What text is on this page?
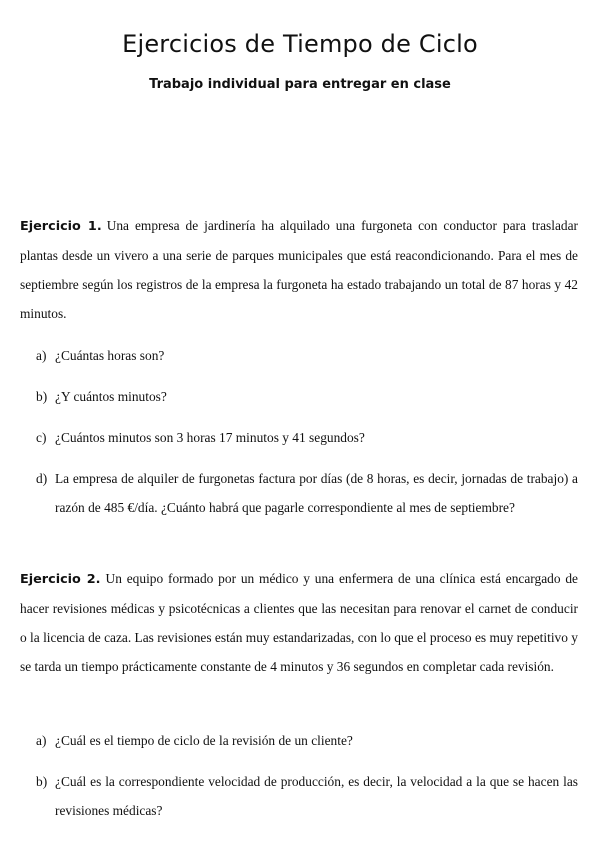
Ejercicios de Tiempo de Ciclo
Trabajo individual para entregar en clase
Ejercicio 1. Una empresa de jardinería ha alquilado una furgoneta con conductor para trasladar plantas desde un vivero a una serie de parques municipales que está reacondicionando. Para el mes de septiembre según los registros de la empresa la furgoneta ha estado trabajando un total de 87 horas y 42 minutos.
a) ¿Cuántas horas son?
b) ¿Y cuántos minutos?
c) ¿Cuántos minutos son 3 horas 17 minutos y 41 segundos?
d) La empresa de alquiler de furgonetas factura por días (de 8 horas, es decir, jornadas de trabajo) a razón de 485 €/día. ¿Cuánto habrá que pagarle correspondiente al mes de septiembre?
Ejercicio 2. Un equipo formado por un médico y una enfermera de una clínica está encargado de hacer revisiones médicas y psicotécnicas a clientes que las necesitan para renovar el carnet de conducir o la licencia de caza. Las revisiones están muy estandarizadas, con lo que el proceso es muy repetitivo y se tarda un tiempo prácticamente constante de 4 minutos y 36 segundos en completar cada revisión.
a) ¿Cuál es el tiempo de ciclo de la revisión de un cliente?
b) ¿Cuál es la correspondiente velocidad de producción, es decir, la velocidad a la que se hacen las revisiones médicas?
